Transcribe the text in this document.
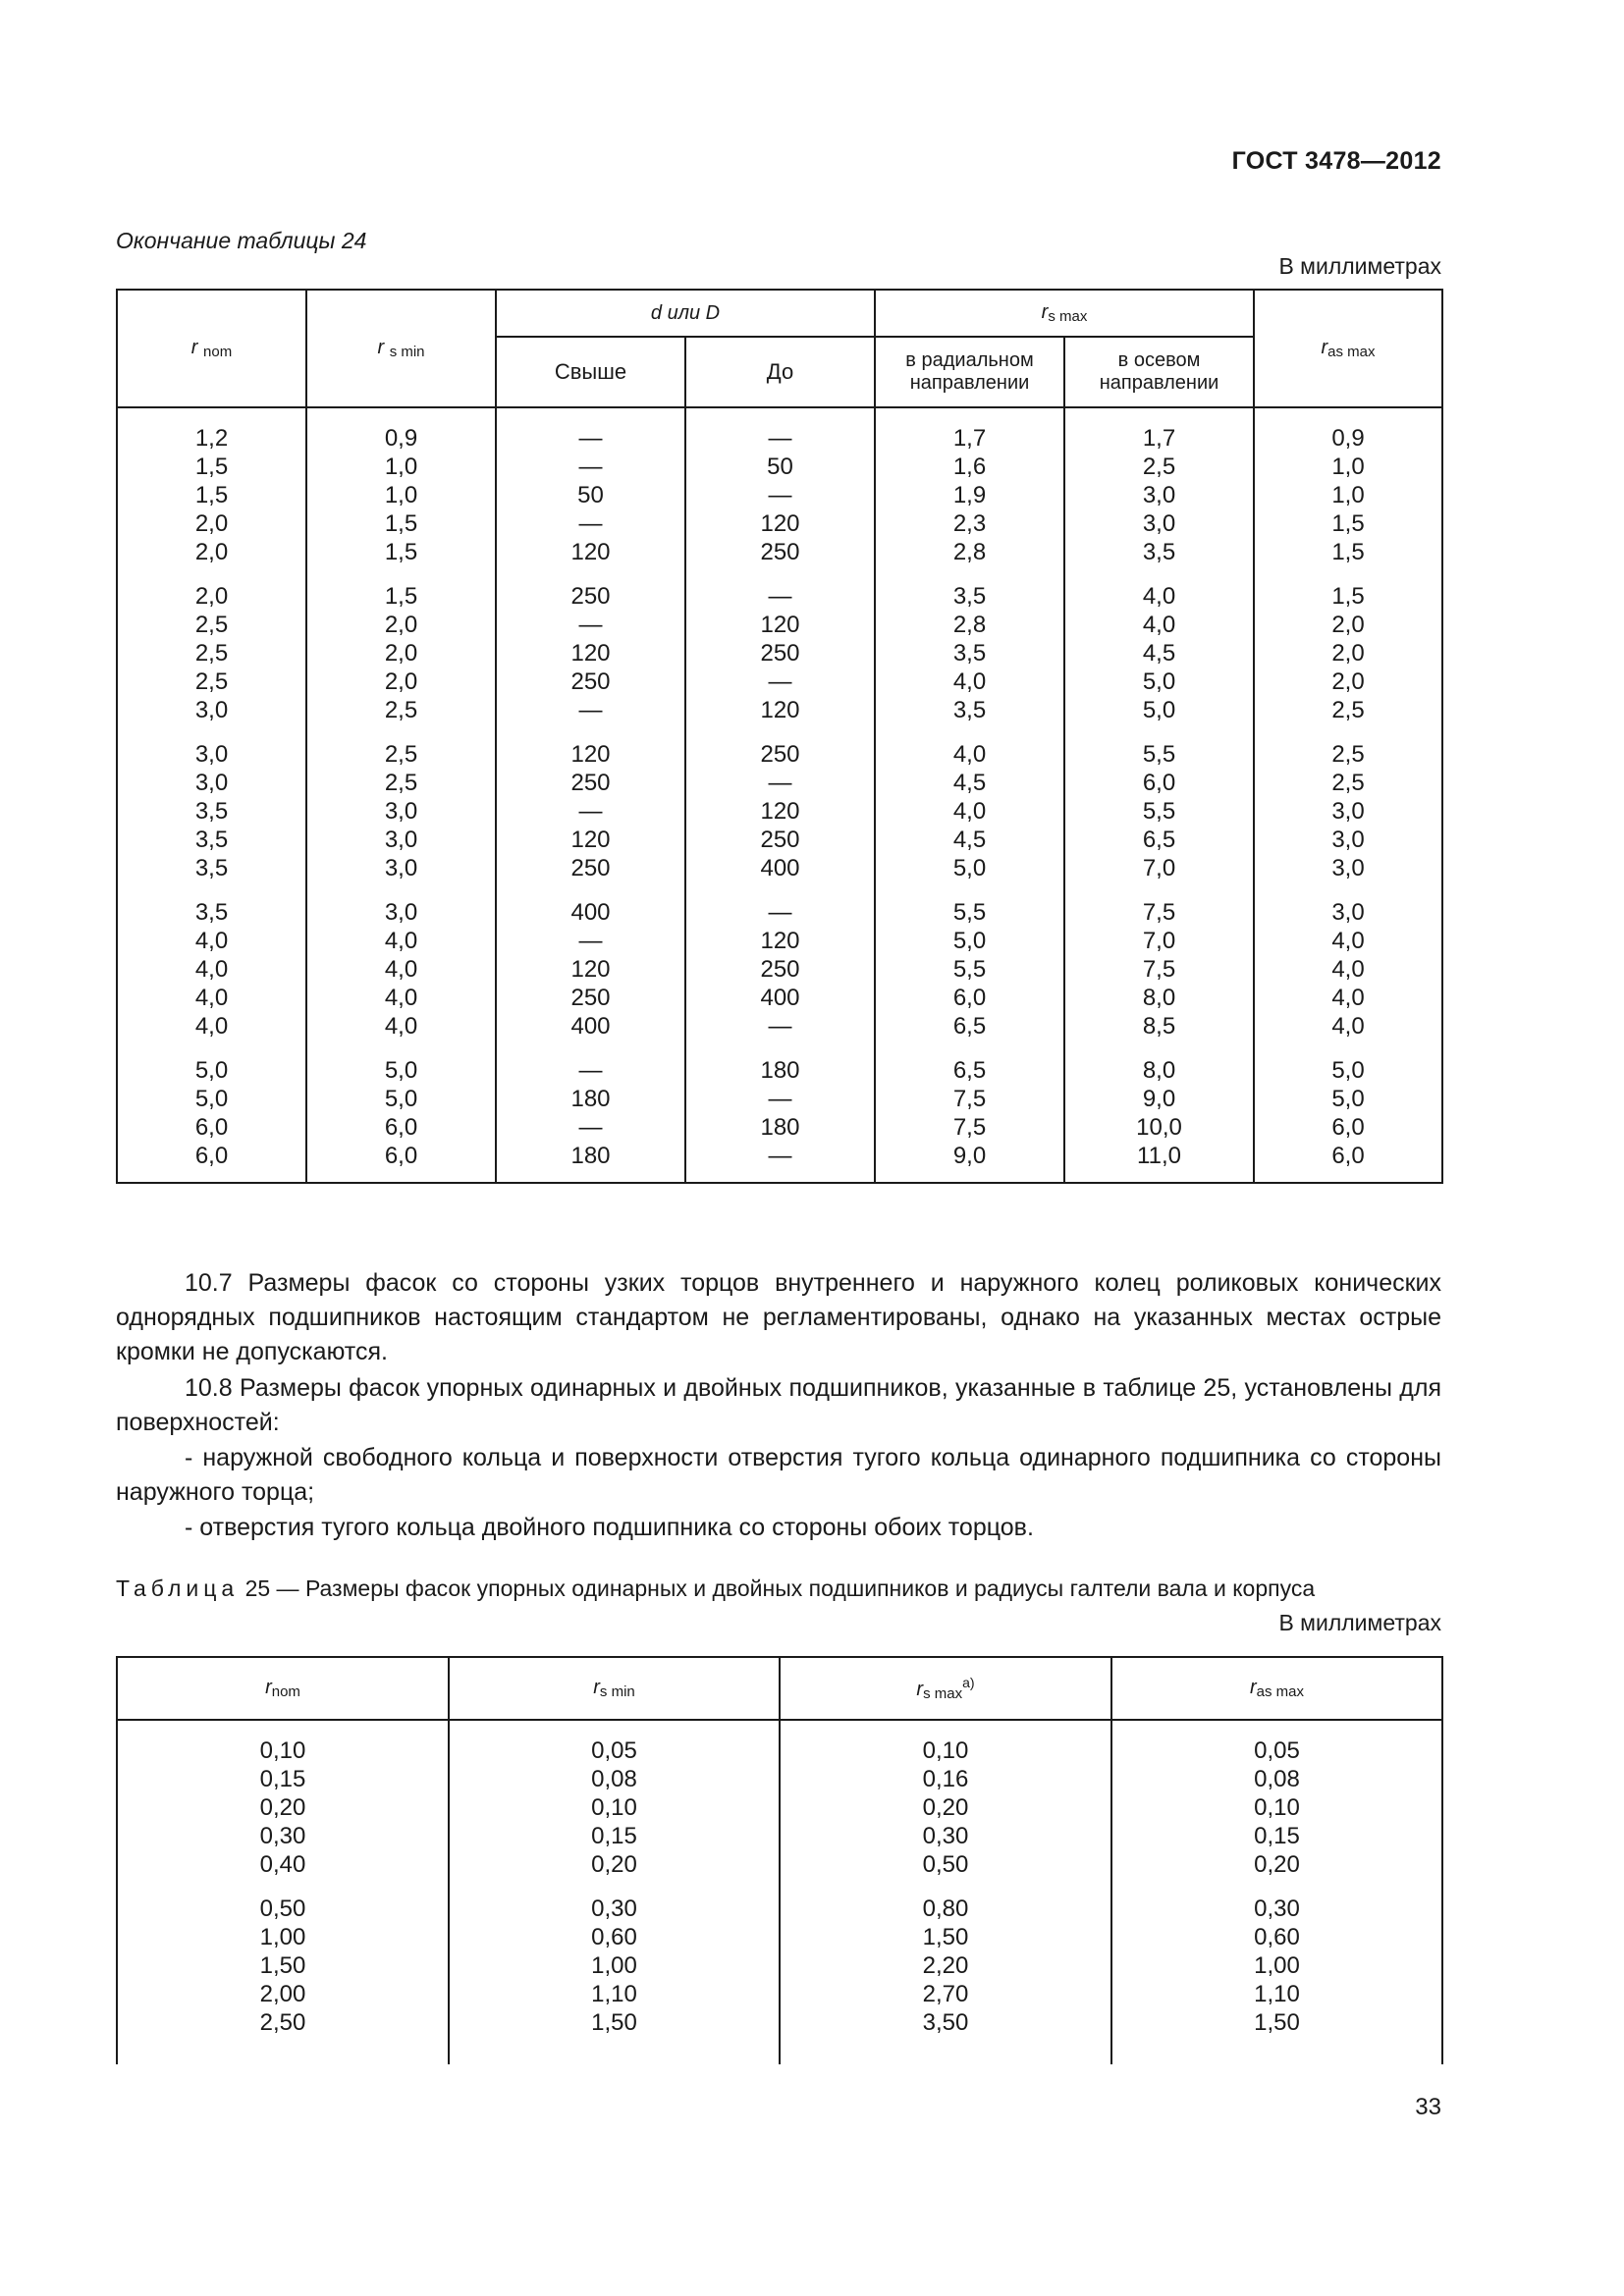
ГОСТ 3478—2012
Окончание таблицы 24
В миллиметрах
r $_{nom}$	r $_{s min}$	d или D		$r_{s max}$		$r_{as max}$
		Свыше	До	в радиальном направлении	в осевом направлении	
1,2	0,9	—	—	1,7	1,7	0,9
1,5	1,0	—	50	1,6	2,5	1,0
1,5	1,0	50	—	1,9	3,0	1,0
2,0	1,5	—	120	2,3	3,0	1,5
2,0	1,5	120	250	2,8	3,5	1,5
2,0	1,5	250	—	3,5	4,0	1,5
2,5	2,0	—	120	2,8	4,0	2,0
2,5	2,0	120	250	3,5	4,5	2,0
2,5	2,0	250	—	4,0	5,0	2,0
3,0	2,5	—	120	3,5	5,0	2,5
3,0	2,5	120	250	4,0	5,5	2,5
3,0	2,5	250	—	4,5	6,0	2,5
3,5	3,0	—	120	4,0	5,5	3,0
3,5	3,0	120	250	4,5	6,5	3,0
3,5	3,0	250	400	5,0	7,0	3,0
3,5	3,0	400	—	5,5	7,5	3,0
4,0	4,0	—	120	5,0	7,0	4,0
4,0	4,0	120	250	5,5	7,5	4,0
4,0	4,0	250	400	6,0	8,0	4,0
4,0	4,0	400	—	6,5	8,5	4,0
5,0	5,0	—	180	6,5	8,0	5,0
5,0	5,0	180	—	7,5	9,0	5,0
6,0	6,0	—	180	7,5	10,0	6,0
6,0	6,0	180	—	9,0	11,0	6,0

10.7 Размеры фасок со стороны узких торцов внутреннего и наружного колец роликовых конических однорядных подшипников настоящим стандартом не регламентированы, однако на указанных местах острые кромки не допускаются.
10.8 Размеры фасок упорных одинарных и двойных подшипников, указанные в таблице 25, установлены для поверхностей:
- наружной свободного кольца и поверхности отверстия тугого кольца одинарного подшипника со стороны наружного торца;
- отверстия тугого кольца двойного подшипника со стороны обоих торцов.
Таблица 25 — Размеры фасок упорных одинарных и двойных подшипников и радиусы галтели вала и корпуса
В миллиметрах
$r_{nom}$	$r_{s min}$	$r_{s max}^{a)}$	$r_{as max}$
0,10	0,05	0,10	0,05
0,15	0,08	0,16	0,08
0,20	0,10	0,20	0,10
0,30	0,15	0,30	0,15
0,40	0,20	0,50	0,20
0,50	0,30	0,80	0,30
1,00	0,60	1,50	0,60
1,50	1,00	2,20	1,00
2,00	1,10	2,70	1,10
2,50	1,50	3,50	1,50

33
